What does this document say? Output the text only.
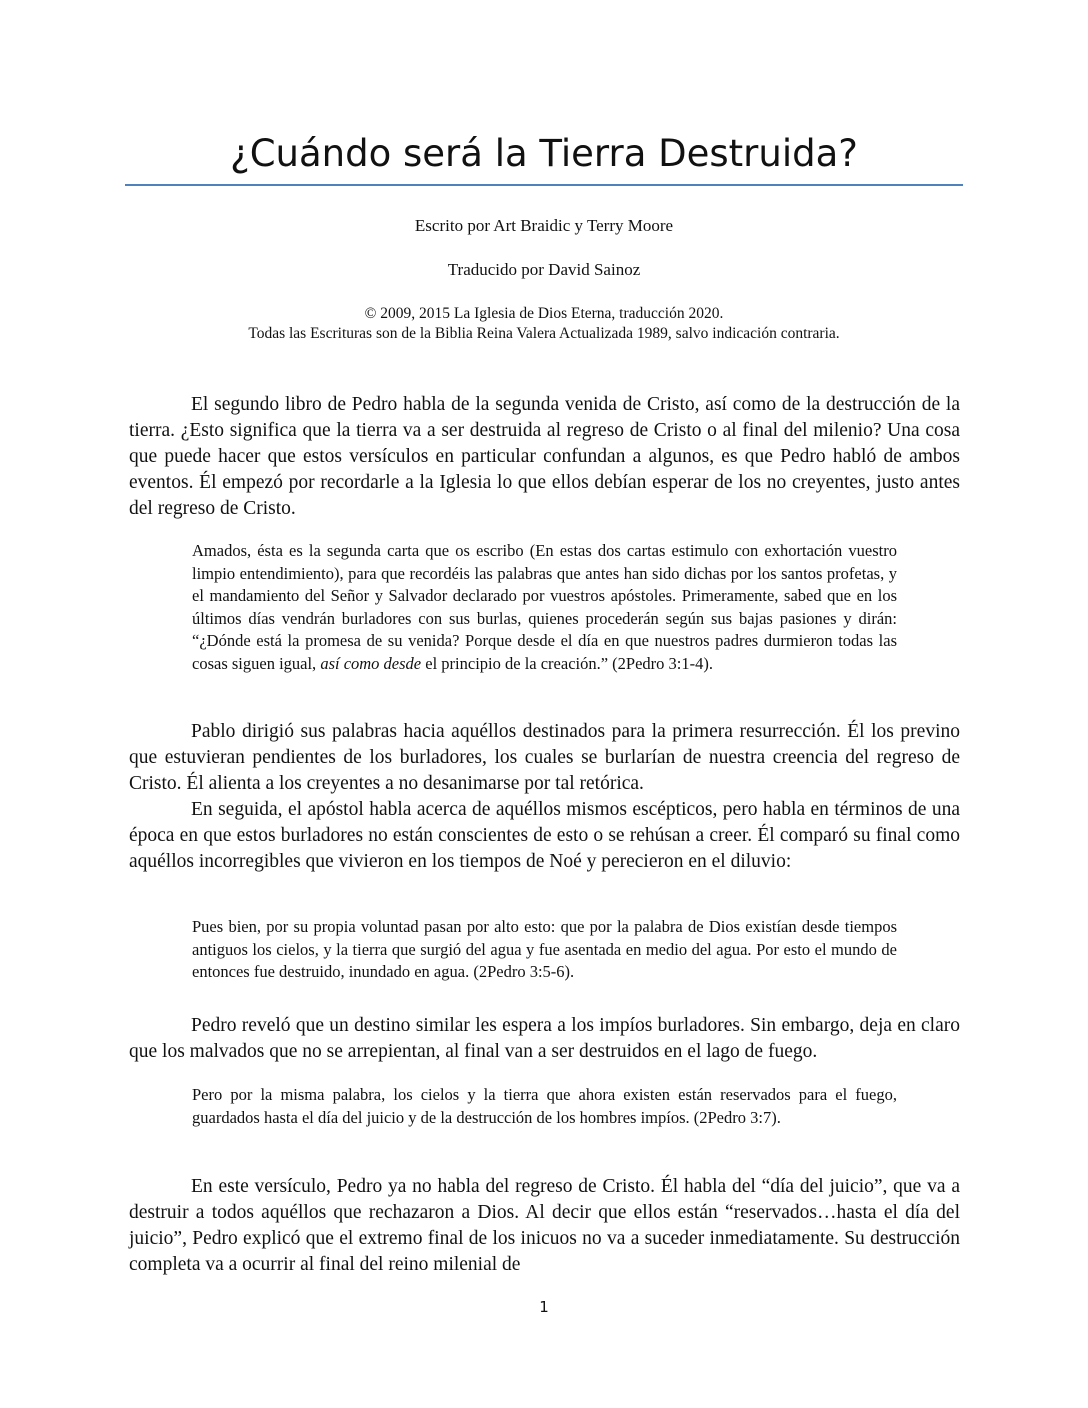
¿Cuándo será la Tierra Destruida?

Escrito por Art Braidic y Terry Moore

Traducido por David Sainoz

© 2009, 2015 La Iglesia de Dios Eterna, traducción 2020.

Todas las Escrituras son de la Biblia Reina Valera Actualizada 1989, salvo indicación contraria.

El segundo libro de Pedro habla de la segunda venida de Cristo, así como de la destrucción de la tierra. ¿Esto significa que la tierra va a ser destruida al regreso de Cristo o al final del milenio? Una cosa que puede hacer que estos versículos en particular confundan a algunos, es que Pedro habló de ambos eventos. Él empezó por recordarle a la Iglesia lo que ellos debían esperar de los no creyentes, justo antes del regreso de Cristo.

Amados, ésta es la segunda carta que os escribo (En estas dos cartas estimulo con exhortación vuestro limpio entendimiento), para que recordéis las palabras que antes han sido dichas por los santos profetas, y el mandamiento del Señor y Salvador declarado por vuestros apóstoles. Primeramente, sabed que en los últimos días vendrán burladores con sus burlas, quienes procederán según sus bajas pasiones y dirán: “¿Dónde está la promesa de su venida? Porque desde el día en que nuestros padres durmieron todas las cosas siguen igual, así como desde el principio de la creación.” (2Pedro 3:1-4).

Pablo dirigió sus palabras hacia aquéllos destinados para la primera resurrección. Él los previno que estuvieran pendientes de los burladores, los cuales se burlarían de nuestra creencia del regreso de Cristo. Él alienta a los creyentes a no desanimarse por tal retórica.

En seguida, el apóstol habla acerca de aquéllos mismos escépticos, pero habla en términos de una época en que estos burladores no están conscientes de esto o se rehúsan a creer. Él comparó su final como aquéllos incorregibles que vivieron en los tiempos de Noé y perecieron en el diluvio:

Pues bien, por su propia voluntad pasan por alto esto: que por la palabra de Dios existían desde tiempos antiguos los cielos, y la tierra que surgió del agua y fue asentada en medio del agua. Por esto el mundo de entonces fue destruido, inundado en agua. (2Pedro 3:5-6).

Pedro reveló que un destino similar les espera a los impíos burladores. Sin embargo, deja en claro que los malvados que no se arrepientan, al final van a ser destruidos en el lago de fuego.

Pero por la misma palabra, los cielos y la tierra que ahora existen están reservados para el fuego, guardados hasta el día del juicio y de la destrucción de los hombres impíos. (2Pedro 3:7).

En este versículo, Pedro ya no habla del regreso de Cristo. Él habla del “día del juicio”, que va a destruir a todos aquéllos que rechazaron a Dios. Al decir que ellos están “reservados…hasta el día del juicio”, Pedro explicó que el extremo final de los inicuos no va a suceder inmediatamente. Su destrucción completa va a ocurrir al final del reino milenial de

1
